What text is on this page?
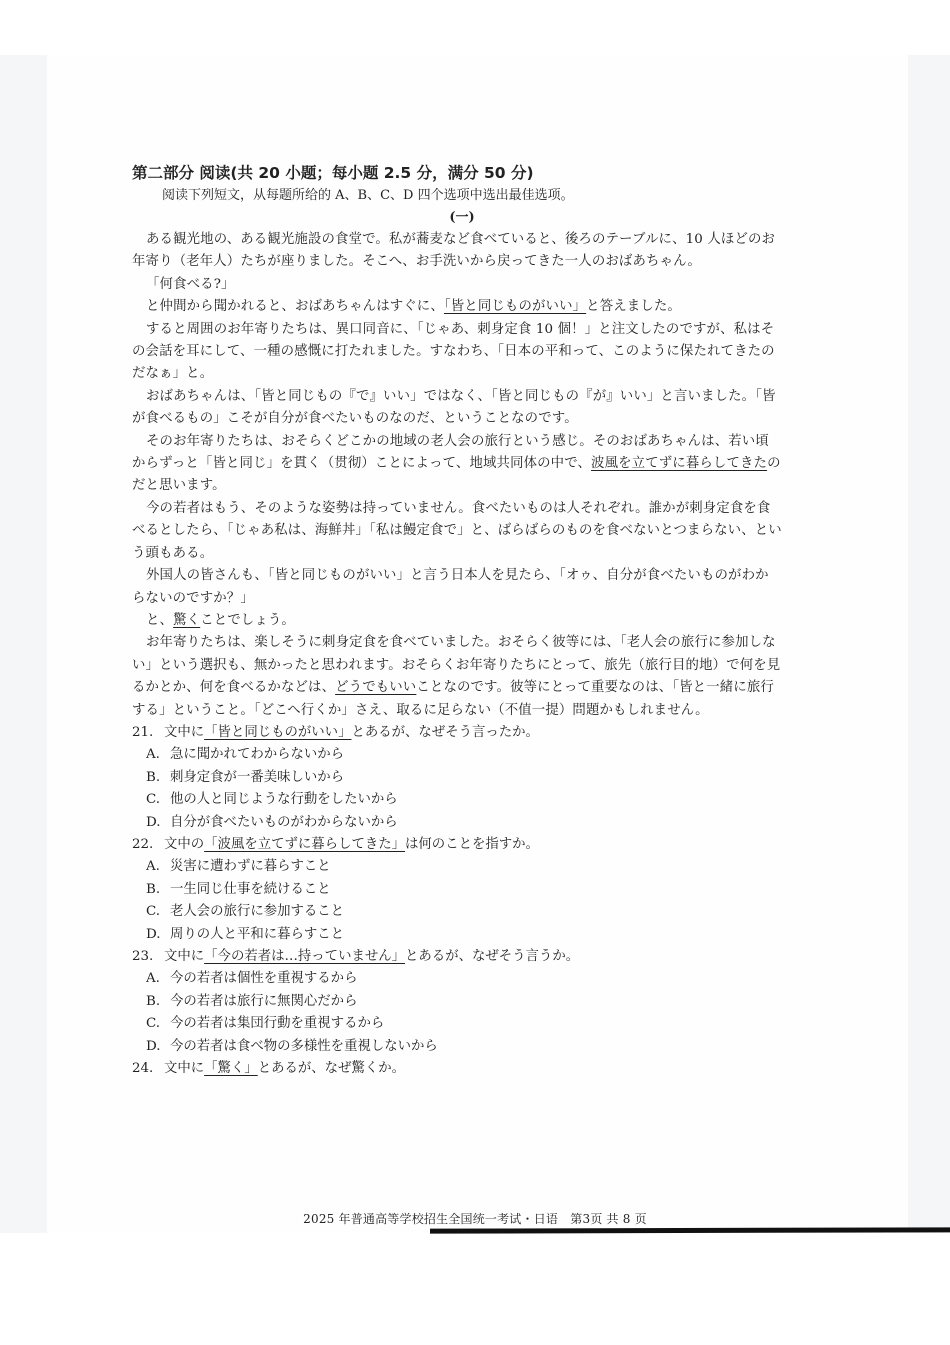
第二部分 阅读(共 20 小题；每小题 2.5 分，满分 50 分)
阅读下列短文，从每题所给的 A、B、C、D 四个选项中选出最佳选项。
(一)

ある観光地の、ある観光施設の食堂で。私が蕎麦など食べていると、後ろのテーブルに、10 人ほどのお年寄り（老年人）たちが座りました。そこへ、お手洗いから戻ってきた一人のおばあちゃん。

「何食べる?」

と仲間から聞かれると、おばあちゃんはすぐに、「皆と同じものがいい」と答えました。

すると周囲のお年寄りたちは、異口同音に、「じゃあ、刺身定食 10 個！」と注文したのですが、私はその会話を耳にして、一種の感慨に打たれました。すなわち、「日本の平和って、このように保たれてきたのだなぁ」と。

おばあちゃんは、「皆と同じもの『で』いい」ではなく、「皆と同じもの『が』いい」と言いました。「皆が食べるもの」こそが自分が食べたいものなのだ、ということなのです。

そのお年寄りたちは、おそらくどこかの地域の老人会の旅行という感じ。そのおばあちゃんは、若い頃からずっと「皆と同じ」を貫く（贯彻）ことによって、地域共同体の中で、波風を立てずに暮らしてきたのだと思います。

今の若者はもう、そのような姿勢は持っていません。食べたいものは人それぞれ。誰かが刺身定食を食べるとしたら、「じゃあ私は、海鮮丼」「私は鰻定食で」と、ばらばらのものを食べないとつまらない、という頭もある。

外国人の皆さんも、「皆と同じものがいい」と言う日本人を見たら、「オゥ、自分が食べたいものがわからないのですか？」

と、驚くことでしょう。

お年寄りたちは、楽しそうに刺身定食を食べていました。おそらく彼等には、「老人会の旅行に参加しない」という選択も、無かったと思われます。おそらくお年寄りたちにとって、旅先（旅行目的地）で何を見るかとか、何を食べるかなどは、どうでもいいことなのです。彼等にとって重要なのは、「皆と一緒に旅行する」ということ。「どこへ行くか」さえ、取るに足らない（不值一提）問題かもしれません。

21. 文中に「皆と同じものがいい」とあるが、なぜそう言ったか。

A. 急に聞かれてわからないから

B. 刺身定食が一番美味しいから

C. 他の人と同じような行動をしたいから

D. 自分が食べたいものがわからないから

22. 文中の「波風を立てずに暮らしてきた」は何のことを指すか。

A. 災害に遭わずに暮らすこと

B. 一生同じ仕事を続けること

C. 老人会の旅行に参加すること

D. 周りの人と平和に暮らすこと

23. 文中に「今の若者は…持っていません」とあるが、なぜそう言うか。

A. 今の若者は個性を重視するから

B. 今の若者は旅行に無関心だから

C. 今の若者は集団行動を重視するから

D. 今の若者は食べ物の多様性を重視しないから

24. 文中に「驚く」とあるが、なぜ驚くか。

2025 年普通高等学校招生全国统一考试・日语　第3页 共 8 页
